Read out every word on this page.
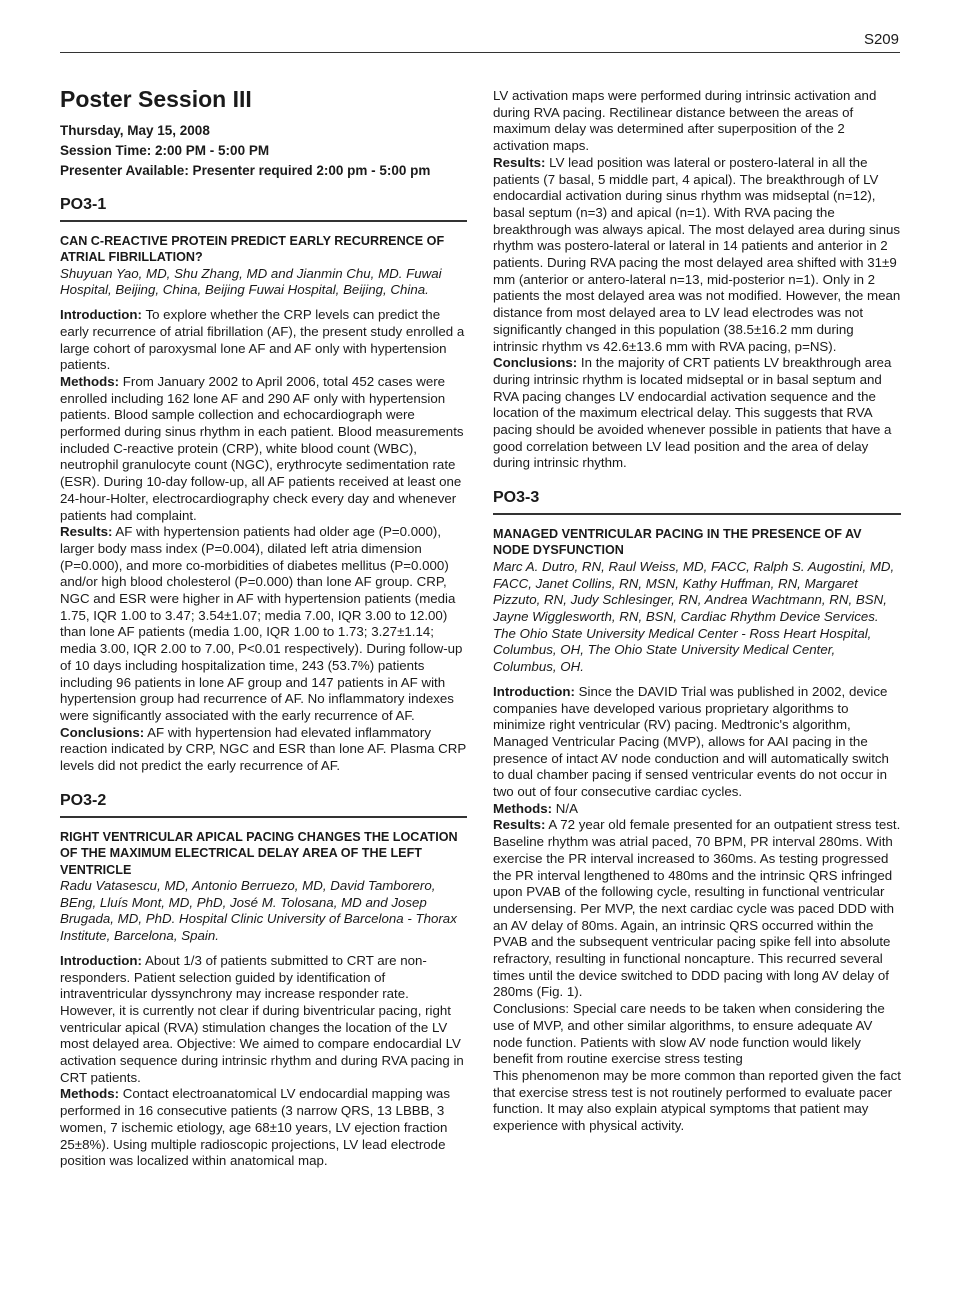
S209
Poster Session III

Thursday, May 15, 2008

Session Time: 2:00 PM - 5:00 PM

Presenter Available: Presenter required 2:00 pm - 5:00 pm

PO3-1
CAN C-REACTIVE PROTEIN PREDICT EARLY RECURRENCE OF ATRIAL FIBRILLATION?

Shuyuan Yao, MD, Shu Zhang, MD and Jianmin Chu, MD. Fuwai Hospital, Beijing, China, Beijing Fuwai Hospital, Beijing, China.

Introduction: To explore whether the CRP levels can predict the early recurrence of atrial fibrillation (AF), the present study enrolled a large cohort of paroxysmal lone AF and AF only with hypertension patients.

Methods: From January 2002 to April 2006, total 452 cases were enrolled including 162 lone AF and 290 AF only with hypertension patients. Blood sample collection and echocardiograph were performed during sinus rhythm in each patient. Blood measurements included C-reactive protein (CRP), white blood count (WBC), neutrophil granulocyte count (NGC), erythrocyte sedimentation rate (ESR). During 10-day follow-up, all AF patients received at least one 24-hour-Holter, electrocardiography check every day and whenever patients had complaint.

Results: AF with hypertension patients had older age (P=0.000), larger body mass index (P=0.004), dilated left atria dimension (P=0.000), and more co-morbidities of diabetes mellitus (P=0.000) and/or high blood cholesterol (P=0.000) than lone AF group. CRP, NGC and ESR were higher in AF with hypertension patients (media 1.75, IQR 1.00 to 3.47; 3.54±1.07; media 7.00, IQR 3.00 to 12.00) than lone AF patients (media 1.00, IQR 1.00 to 1.73; 3.27±1.14; media 3.00, IQR 2.00 to 7.00, P<0.01 respectively). During follow-up of 10 days including hospitalization time, 243 (53.7%) patients including 96 patients in lone AF group and 147 patients in AF with hypertension group had recurrence of AF. No inflammatory indexes were significantly associated with the early recurrence of AF.

Conclusions: AF with hypertension had elevated inflammatory reaction indicated by CRP, NGC and ESR than lone AF. Plasma CRP levels did not predict the early recurrence of AF.

PO3-2
RIGHT VENTRICULAR APICAL PACING CHANGES THE LOCATION OF THE MAXIMUM ELECTRICAL DELAY AREA OF THE LEFT VENTRICLE

Radu Vatasescu, MD, Antonio Berruezo, MD, David Tamborero, BEng, Lluís Mont, MD, PhD, José M. Tolosana, MD and Josep Brugada, MD, PhD. Hospital Clinic University of Barcelona - Thorax Institute, Barcelona, Spain.

Introduction: About 1/3 of patients submitted to CRT are non-responders. Patient selection guided by identification of intraventricular dyssynchrony may increase responder rate. However, it is currently not clear if during biventricular pacing, right ventricular apical (RVA) stimulation changes the location of the LV most delayed area. Objective: We aimed to compare endocardial LV activation sequence during intrinsic rhythm and during RVA pacing in CRT patients.

Methods: Contact electroanatomical LV endocardial mapping was performed in 16 consecutive patients (3 narrow QRS, 13 LBBB, 3 women, 7 ischemic etiology, age 68±10 years, LV ejection fraction 25±8%). Using multiple radioscopic projections, LV lead electrode position was localized within anatomical map.

LV activation maps were performed during intrinsic activation and during RVA pacing. Rectilinear distance between the areas of maximum delay was determined after superposition of the 2 activation maps.

Results: LV lead position was lateral or postero-lateral in all the patients (7 basal, 5 middle part, 4 apical). The breakthrough of LV endocardial activation during sinus rhythm was midseptal (n=12), basal septum (n=3) and apical (n=1). With RVA pacing the breakthrough was always apical. The most delayed area during sinus rhythm was postero-lateral or lateral in 14 patients and anterior in 2 patients. During RVA pacing the most delayed area shifted with 31±9 mm (anterior or antero-lateral n=13, mid-posterior n=1). Only in 2 patients the most delayed area was not modified. However, the mean distance from most delayed area to LV lead electrodes was not significantly changed in this population (38.5±16.2 mm during intrinsic rhythm vs 42.6±13.6 mm with RVA pacing, p=NS).

Conclusions: In the majority of CRT patients LV breakthrough area during intrinsic rhythm is located midseptal or in basal septum and RVA pacing changes LV endocardial activation sequence and the location of the maximum electrical delay. This suggests that RVA pacing should be avoided whenever possible in patients that have a good correlation between LV lead position and the area of delay during intrinsic rhythm.

PO3-3
MANAGED VENTRICULAR PACING IN THE PRESENCE OF AV NODE DYSFUNCTION

Marc A. Dutro, RN, Raul Weiss, MD, FACC, Ralph S. Augostini, MD, FACC, Janet Collins, RN, MSN, Kathy Huffman, RN, Margaret Pizzuto, RN, Judy Schlesinger, RN, Andrea Wachtmann, RN, BSN, Jayne Wigglesworth, RN, BSN, Cardiac Rhythm Device Services. The Ohio State University Medical Center - Ross Heart Hospital, Columbus, OH, The Ohio State University Medical Center, Columbus, OH.

Introduction: Since the DAVID Trial was published in 2002, device companies have developed various proprietary algorithms to minimize right ventricular (RV) pacing. Medtronic's algorithm, Managed Ventricular Pacing (MVP), allows for AAI pacing in the presence of intact AV node conduction and will automatically switch to dual chamber pacing if sensed ventricular events do not occur in two out of four consecutive cardiac cycles.

Methods: N/A

Results: A 72 year old female presented for an outpatient stress test. Baseline rhythm was atrial paced, 70 BPM, PR interval 280ms. With exercise the PR interval increased to 360ms. As testing progressed the PR interval lengthened to 480ms and the intrinsic QRS infringed upon PVAB of the following cycle, resulting in functional ventricular undersensing. Per MVP, the next cardiac cycle was paced DDD with an AV delay of 80ms. Again, an intrinsic QRS occurred within the PVAB and the subsequent ventricular pacing spike fell into absolute refractory, resulting in functional noncapture. This recurred several times until the device switched to DDD pacing with long AV delay of 280ms (Fig. 1).

Conclusions: Special care needs to be taken when considering the use of MVP, and other similar algorithms, to ensure adequate AV node function. Patients with slow AV node function would likely benefit from routine exercise stress testing

This phenomenon may be more common than reported given the fact that exercise stress test is not routinely performed to evaluate pacer function. It may also explain atypical symptoms that patient may experience with physical activity.
